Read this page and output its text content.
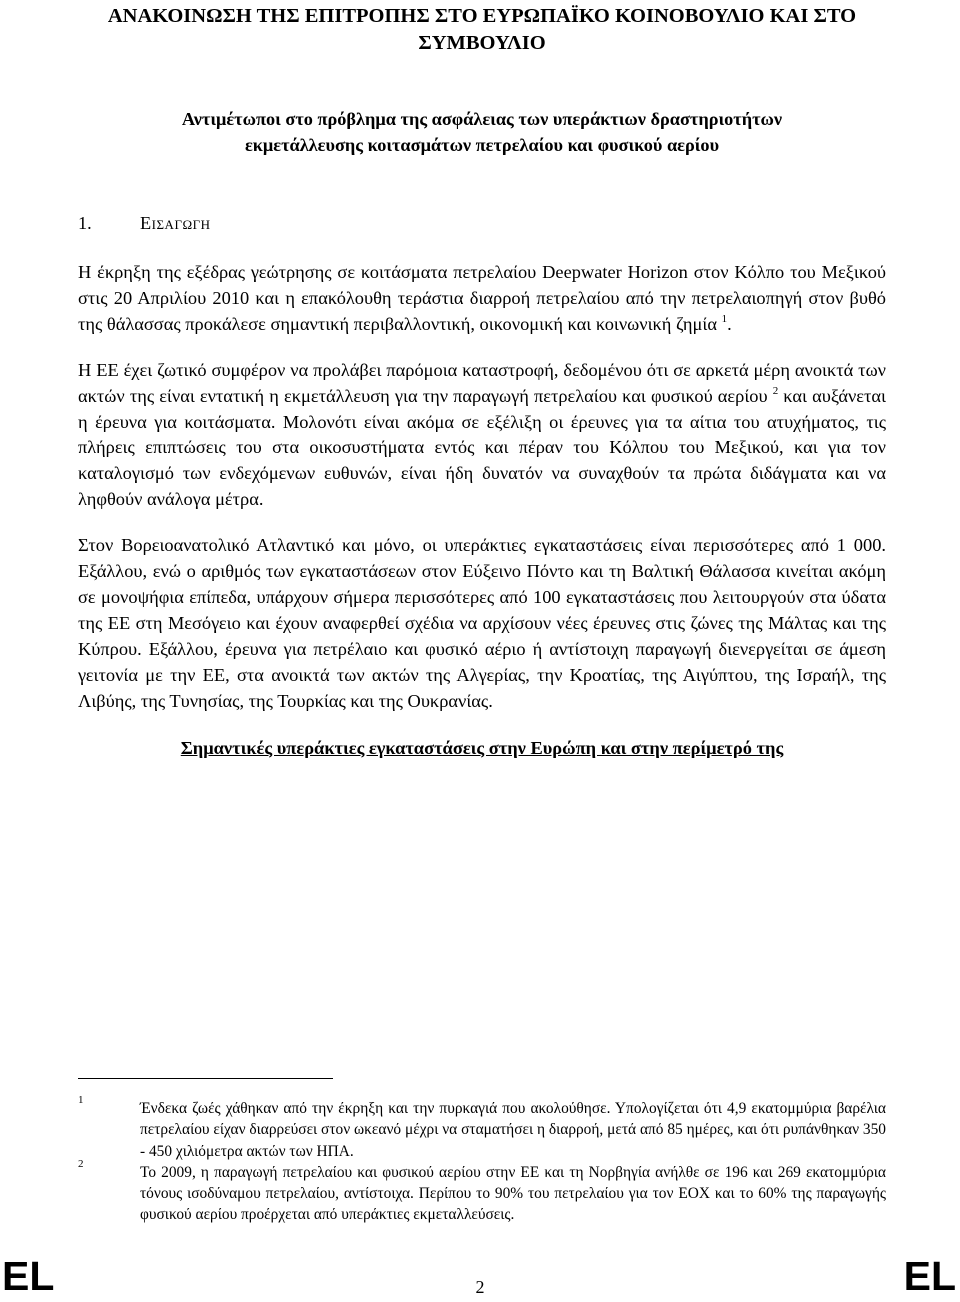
ΑΝΑΚΟΙΝΩΣΗ ΤΗΣ ΕΠΙΤΡΟΠΗΣ ΣΤΟ ΕΥΡΩΠΑΪΚΟ ΚΟΙΝΟΒΟΥΛΙΟ ΚΑΙ ΣΤΟ
ΣΥΜΒΟΥΛΙΟ
Αντιμέτωποι στο πρόβλημα της ασφάλειας των υπεράκτιων δραστηριοτήτων
εκμετάλλευσης κοιτασμάτων πετρελαίου και φυσικού αερίου
1.	Εισαγωγη

Η έκρηξη της εξέδρας γεώτρησης σε κοιτάσματα πετρελαίου Deepwater Horizon στον Κόλπο του Μεξικού στις 20 Απριλίου 2010 και η επακόλουθη τεράστια διαρροή πετρελαίου από την πετρελαιοπηγή στον βυθό της θάλασσας προκάλεσε σημαντική περιβαλλοντική, οικονομική και κοινωνική ζημία $^1$.

Η ΕΕ έχει ζωτικό συμφέρον να προλάβει παρόμοια καταστροφή, δεδομένου ότι σε αρκετά μέρη ανοικτά των ακτών της είναι εντατική η εκμετάλλευση για την παραγωγή πετρελαίου και φυσικού αερίου $^2$ και αυξάνεται η έρευνα για κοιτάσματα. Μολονότι είναι ακόμα σε εξέλιξη οι έρευνες για τα αίτια του ατυχήματος, τις πλήρεις επιπτώσεις του στα οικοσυστήματα εντός και πέραν του Κόλπου του Μεξικού, και για τον καταλογισμό των ενδεχόμενων ευθυνών, είναι ήδη δυνατόν να συναχθούν τα πρώτα διδάγματα και να ληφθούν ανάλογα μέτρα.

Στον Βορειοανατολικό Ατλαντικό και μόνο, οι υπεράκτιες εγκαταστάσεις είναι περισσότερες από 1 000. Εξάλλου, ενώ ο αριθμός των εγκαταστάσεων στον Εύξεινο Πόντο και τη Βαλτική Θάλασσα κινείται ακόμη σε μονοψήφια επίπεδα, υπάρχουν σήμερα περισσότερες από 100 εγκαταστάσεις που λειτουργούν στα ύδατα της ΕΕ στη Μεσόγειο και έχουν αναφερθεί σχέδια να αρχίσουν νέες έρευνες στις ζώνες της Μάλτας και της Κύπρου. Εξάλλου, έρευνα για πετρέλαιο και φυσικό αέριο ή αντίστοιχη παραγωγή διενεργείται σε άμεση γειτονία με την ΕΕ, στα ανοικτά των ακτών της Αλγερίας, την Κροατίας, της Αιγύπτου, της Ισραήλ, της Λιβύης, της Τυνησίας, της Τουρκίας και της Ουκρανίας.

Σημαντικές υπεράκτιες εγκαταστάσεις στην Ευρώπη και στην περίμετρό της
1	Ένδεκα ζωές χάθηκαν από την έκρηξη και την πυρκαγιά που ακολούθησε. Υπολογίζεται ότι 4,9 εκατομμύρια βαρέλια πετρελαίου είχαν διαρρεύσει στον ωκεανό μέχρι να σταματήσει η διαρροή, μετά από 85 ημέρες, και ότι ρυπάνθηκαν 350 - 450 χιλιόμετρα ακτών των ΗΠΑ.
2	Το 2009, η παραγωγή πετρελαίου και φυσικού αερίου στην ΕΕ και τη Νορβηγία ανήλθε σε 196 και 269 εκατομμύρια τόνους ισοδύναμου πετρελαίου, αντίστοιχα. Περίπου το 90% του πετρελαίου για τον ΕΟΧ και το 60% της παραγωγής φυσικού αερίου προέρχεται από υπεράκτιες εκμεταλλεύσεις.
EL	2	EL
